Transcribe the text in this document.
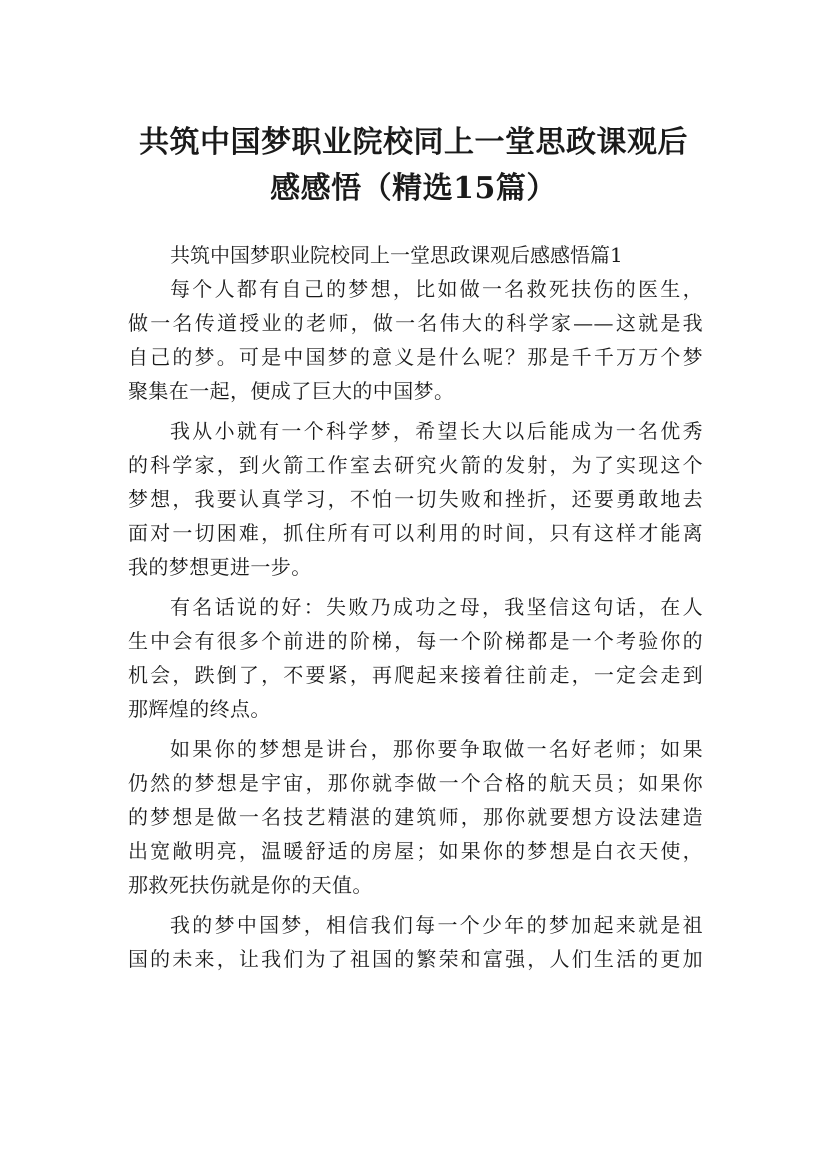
共筑中国梦职业院校同上一堂思政课观后
感感悟（精选15篇）

共筑中国梦职业院校同上一堂思政课观后感感悟篇1

每个人都有自己的梦想，比如做一名救死扶伤的医生，
做一名传道授业的老师，做一名伟大的科学家——这就是我
自己的梦。可是中国梦的意义是什么呢？那是千千万万个梦
聚集在一起，便成了巨大的中国梦。
我从小就有一个科学梦，希望长大以后能成为一名优秀
的科学家，到火箭工作室去研究火箭的发射，为了实现这个
梦想，我要认真学习，不怕一切失败和挫折，还要勇敢地去
面对一切困难，抓住所有可以利用的时间，只有这样才能离
我的梦想更进一步。
有名话说的好：失败乃成功之母，我坚信这句话，在人
生中会有很多个前进的阶梯，每一个阶梯都是一个考验你的
机会，跌倒了，不要紧，再爬起来接着往前走，一定会走到
那辉煌的终点。
如果你的梦想是讲台，那你要争取做一名好老师；如果
仍然的梦想是宇宙，那你就李做一个合格的航天员；如果你
的梦想是做一名技艺精湛的建筑师，那你就要想方设法建造
出宽敞明亮，温暖舒适的房屋；如果你的梦想是白衣天使，
那救死扶伤就是你的天值。
我的梦中国梦，相信我们每一个少年的梦加起来就是祖
国的未来，让我们为了祖国的繁荣和富强，人们生活的更加
